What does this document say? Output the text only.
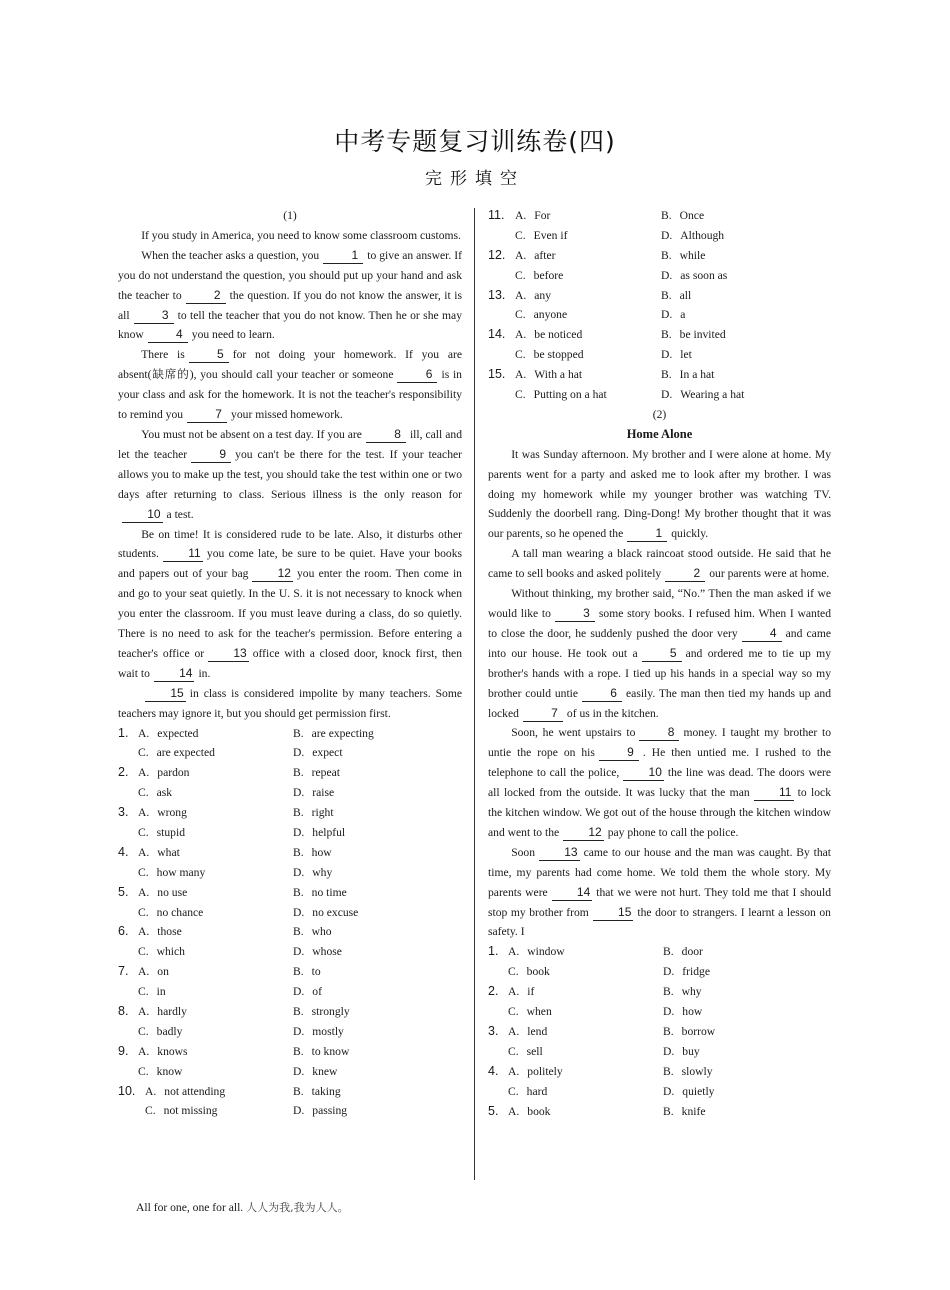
中考专题复习训练卷(四)
完形填空
(1)

If you study in America, you need to know some classroom customs.

When the teacher asks a question, you	1 to give an answer. If you do not understand the question, you should put up your hand and ask the teacher to	2 the question. If you do not know the answer, it is all	3 to tell the teacher that you do not know. Then he or she may know	4 you need to learn.

There is	5 for not doing your homework. If you are absent(缺席的), you should call your teacher or someone	6 is in your class and ask for the homework. It is not the teacher's responsibility to remind you	7 your missed homework.

You must not be absent on a test day. If you are	8 ill, call and let the teacher	9 you can't be there for the test. If your teacher allows you to make up the test, you should take the test within one or two days after returning to class. Serious illness is the only reason for10 a test.

Be on time! It is considered rude to be late. Also, it disturbs other students. 11 you come late, be sure to be quiet. Have your books and papers out of your bag 12 you enter the room. Then come in and go to your seat quietly. In the U. S. it is not necessary to knock when you enter the classroom. If you must leave during a class, do so quietly. There is no need to ask for the teacher's permission. Before entering a teacher's office or 13 office with a closed door, knock first, then wait to 14 in.

15 in class is considered impolite by many teachers. Some teachers may ignore it, but you should get permission first.

1. A. expected	B. are expecting
C. are expected	D. expect
2. A. pardon	B. repeat
C. ask	D. raise
3. A. wrong	B. right
C. stupid	D. helpful
4. A. what	B. how
C. how many	D. why
5. A. no use	B. no time
C. no chance	D. no excuse
6. A. those	B. who
C. which	D. whose
7. A. on	B. to
C. in	D. of
8. A. hardly	B. strongly
C. badly	D. mostly
9. A. knows	B. to know
C. know	D. knew
10. A. not attending	B. taking
C. not missing	D. passing
11. A. For	B. Once
C. Even if	D. Although
12. A. after	B. while
C. before	D. as soon as
13. A. any	B. all
C. anyone	D. a
14. A. be noticed	B. be invited
C. be stopped	D. let
15. A. With a hat	B. In a hat
C. Putting on a hat	D. Wearing a hat
(2)
Home Alone

It was Sunday afternoon. My brother and I were alone at home. My parents went for a party and asked me to look after my brother. I was doing my homework while my younger brother was watching TV. Suddenly the doorbell rang. Ding-Dong! My brother thought that it was our parents, so he opened the	1 quickly.

A tall man wearing a black raincoat stood outside. He said that he came to sell books and asked politely	2 our parents were at home.

Without thinking, my brother said, “No.” Then the man asked if we would like to	3 some story books. I refused him. When I wanted to close the door, he suddenly pushed the door very	4 and came into our house. He took out a	5 and ordered me to tie up my brother's hands with a rope. I tied up his hands in a special way so my brother could untie	6 easily. The man then tied my hands up and locked	7 of us in the kitchen.

Soon, he went upstairs to	8 money. I taught my brother to untie the rope on his	9 . He then untied me. I rushed to the telephone to call the police, 10 the line was dead. The doors were all locked from the outside. It was lucky that the man 11 to lock the kitchen window. We got out of the house through the kitchen window and went to the 12 pay phone to call the police.

Soon 13 came to our house and the man was caught. By that time, my parents had come home. We told them the whole story. My parents were 14 that we were not hurt. They told me that I should stop my brother from 15 the door to strangers. I learnt a lesson on safety. I

1. A. window	B. door
C. book	D. fridge
2. A. if	B. why
C. when	D. how
3. A. lend	B. borrow
C. sell	D. buy
4. A. politely	B. slowly
C. hard	D. quietly
5. A. book	B. knife
All for one, one for all. 人人为我,我为人人。
